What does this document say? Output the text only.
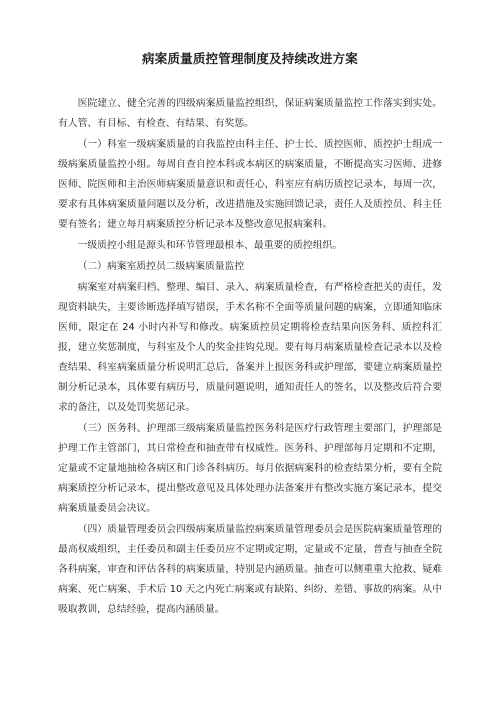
病案质量质控管理制度及持续改进方案

医院建立、健全完善的四级病案质量监控组织，保证病案质量监控工作落实到实处。有人管、有目标、有检查、有结果、有奖惩。

（一）科室一级病案质量的自我监控由科主任、护士长、质控医师、质控护士组成一级病案质量监控小组。每周自查自控本科或本病区的病案质量，不断提高实习医师、进修医师、院医师和主治医师病案质量意识和责任心，科室应有病历质控记录本，每周一次，要求有具体病案质量问题以及分析，改进措施及实施回馈记录，责任人及质控员、科主任要有签名；建立每月病案质控分析记录本及整改意见报病案科。

一级质控小组是源头和环节管理最根本、最重要的质控组织。

（二）病案室质控员二级病案质量监控

病案室对病案归档、整理、编目、录入、病案质量检查，有严格检查把关的责任，发现资料缺失，主要诊断选择填写错误，手术名称不全面等质量问题的病案，立即通知临床医师，限定在 24 小时内补写和修改。病案质控员定期将检查结果向医务科、质控科汇报，建立奖惩制度，与科室及个人的奖金挂钩兑现。要有每月病案质量检查记录本以及检查结果、科室病案质量分析说明汇总后，备案并上报医务科或护理部，要建立病案质量控制分析记录本，具体要有病历号，质量问题说明，通知责任人的签名，以及整改后符合要求的备注，以及处罚奖惩记录。

（三）医务科、护理部三级病案质量监控医务科是医疗行政管理主要部门，护理部是护理工作主管部门，其日常检查和抽查带有权威性。医务科、护理部每月定期和不定期，定量或不定量地抽检各病区和门诊各科病历。每月依据病案科的检查结果分析，要有全院病案质控分析记录本，提出整改意见及具体处理办法备案并有整改实施方案记录本，提交病案质量委员会决议。

（四）质量管理委员会四级病案质量监控病案质量管理委员会是医院病案质量管理的最高权威组织，主任委员和副主任委员应不定期或定期，定量或不定量，普查与抽查全院各科病案，审查和评估各科的病案质量，特别是内涵质量。抽查可以侧重重大抢救、疑难病案、死亡病案、手术后 10 天之内死亡病案或有缺陷、纠纷、差错、事故的病案。从中吸取教训，总结经验，提高内涵质量。
